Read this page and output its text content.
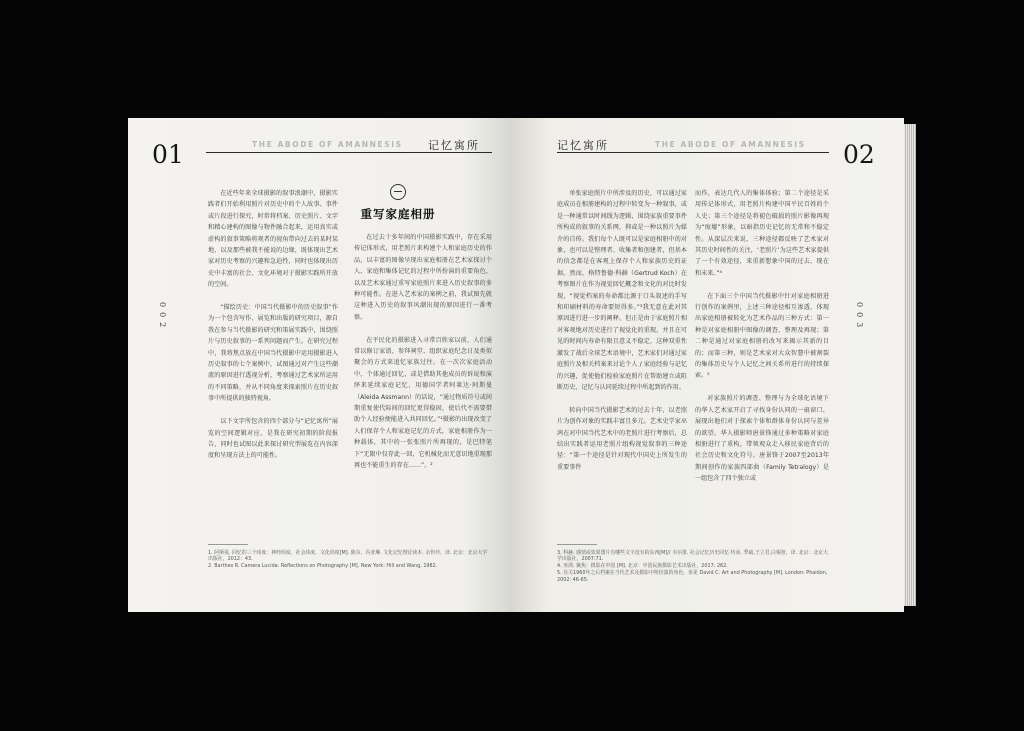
01	THE ABODE OF AMANNESIS 记忆寓所
002

在近些年来全球摄影的叙事浪潮中，摄影实践者们开始利用照片对历史中的个人故事、事件或片段进行探究，时常将档案、历史照片、文字和精心建构的图像与物件融合起来，运用真实或虚构的叙事策略将观者的视角带向过去的某时某地，以及那些被我不能说的边缘，既体现出艺术家对历史考察的兴趣和急迫性，同时也体现出历史中丰富的社会、文化环境对于摄影实践所开放的空间。

“描绘历史：中国当代摄影中的历史叙事”作为一个包含写作、展览和出版的研究项目，源自我在参与当代摄影的研究和策展实践中，围绕照片与历史叙事的一系列问题而产生。在研究过程中，我将焦点放在中国当代摄影中运用摄影进入历史叙事的七个案例中，试图通过对产生这些潮流的原因进行透视分析，考察通过艺术家所运用的不同策略，并从不同角度来探索照片在历史叙事中所提供的独特视角。

以下文字所包含的四个部分与“记忆寓所”展览的空间逻辑对应，是我在研究初期的阶段报告，同时也试图以此来探讨研究型展览在内容深度和呈现方法上的可能性。

重写家庭相册

在过去十多年间的中国摄影实践中，存在采用传记体形式，用老照片来构建个人和家庭历史的作品，以丰富的图像呈现出家庭相册在艺术家探讨个人、家庭和集体记忆的过程中所扮演的重要角色，以及艺术家通过重写家庭照片来进入历史叙事的多种可能性。在进入艺术家的案例之前，我试图先就这种进入历史的叙事风潮出现的原因进行一番考察。

在平民化的摄影进入寻常百姓家以前，人们通常以修订家谱、参拜祠堂、组织家庭纪念日及类似聚会的方式来追忆家族过往。在一次次家庭活动中，个体通过回忆，或是借助其他成员的诉说和演绎来延续家庭记忆，用德国学者阿莱达·阿斯曼（Aleida Assmann）的话说，“通过物质符号或间期重复使代际间的回忆更得稳固，使后代不需要借助个人经验便能进入共同回忆。”¹摄影的出现改变了人们保存个人和家庭记忆的方式，家庭相册作为一种载体，其中的一张张照片所再现的，是巴特笔下“无限中仅存此一回，它机械化而无意识地重现那再也不能重生的存在……”。²

1. 阿斯曼. 回忆的三个纬度：神经纬度、社会纬度、文化纬度[M]. 陈尔，冯亚琳. 文化记忆理论读本. 余传玲，译. 北京：北京大学出版社，2012：43.
2. Barthes R. Camera Lucida: Reflections on Photography [M]. New York: Hill and Wang, 1982.
记忆寓所	THE ABODE OF AMANNESIS 02
003

单张家庭照片中所涉及的历史，可以通过家庭成员在相册建构的过程中转变为一种叙事，或是一种通常以时间线为逻辑，围绕家族重要事件所构成的叙事的关系网，抑或是一种以照片为媒介的自传。我们每个人既可以是家庭相册中的对象，也可以是整理者、收集者和创建者，但基本的信念都是在客观上保存个人和家族历史的证据。然而，格特鲁德·科赫（Gertrud Koch）在考察图片在作为视觉回忆概念和文化的对比时发现，“视觉档案的寿命都比源于口头叙述的手写和印刷材料的寿命要短得多。”³我无意在此对其原因进行进一步的阐释，但正是由于家庭照片相对客观地对历史进行了视觉化的重现，并且在可见的时间内寿命有限且意义不稳定，这种双重性激发了战后全球艺术语境中，艺术家们对通过家庭照片及相关档案来讨论个人 / 家庭经验与记忆的兴趣，促使他们检验家庭照片在帮助建立或阻断历史、记忆与认同延续过程中所起到的作用。

转向中国当代摄影艺术的过去十年，以老照片为创作对象的实践丰富且多元。艺术史学家巫鸿在对中国当代艺术中的老照片进行考察后，总结出实践者运用老照片组构视觉叙事的三种途径：“第一个途径是针对现代中国史上所发生的重要事件

而作，表达几代人的集体体验；第二个途径是采用传记体形式，用老照片构建中国平民百姓的个人史；第三个途径是将褪色破损的照片影像再现为“废墟”形象，以暗指历史记忆的无常和不稳定性。从深层次来说，三种途径都反映了艺术家对其历史时间性的关注，‘老照片’为这些艺术家提供了一个有效途径，来重新想象中国的过去、现在和未来。”⁴

在下面三个中国当代摄影中针对家庭相册进行创作的案例里，上述三种途径相互渗透，体现出家庭相册被转化为艺术作品的三种方式：第一种是对家庭相册中图像的调查、整理及再现；第二种是通过对家庭相册的改写来揭示其新的目的；而第三种，则是艺术家对大众智慧中被割裂的集体历史与个人记忆之间关系所进行的持续探索。⁵

对家族照片的调查、整理与为全球化语境下的华人艺术家开启了寻找身份认同的一扇窗口，展现出他们对于探索个体和群体身份认同与差异的欲望。华人摄影师唐景锋通过多种策略对家庭相册进行了重构，带领观众走入移民家庭背后的社会历史和文化符号。唐景锋于2007至2013年期间创作的家族四部曲（Family Tetralogy）是一组包含了四个独立或

3. 科赫. 感情或效果图片有哪些文字没有的东西[M]// 韦尔策. 社会记忆历史回忆·传承. 季斌,王立君,白锡堃，译. 北京：北京大学出版社，2007:71.
4. 巫鸿. 聚焦：摄影在中国 [M]. 北京：中国民族摄影艺术出版社，2017: 262.
5. 有关1960年之后档案在当代艺术及摄影中所扮演的角色，参见 David C. Art and Photography [M]. London: Phaidon, 2002: 46-65.
